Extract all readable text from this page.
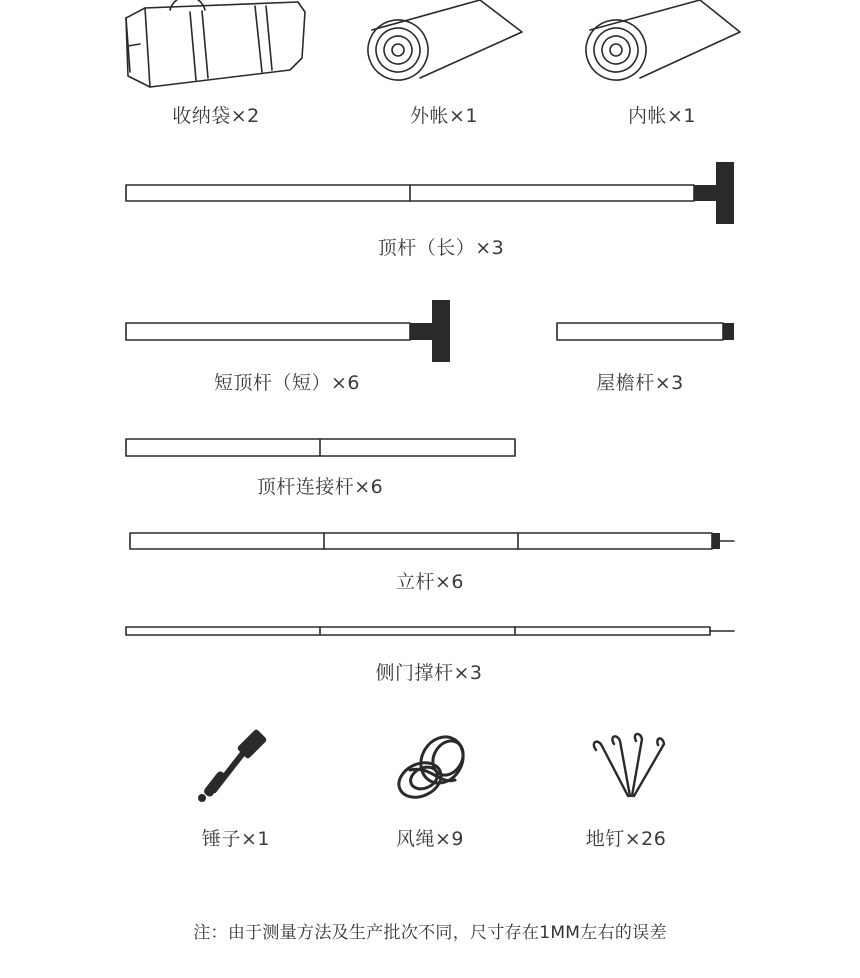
收纳袋×2	外帐×1	内帐×1
顶杆（长）×3
短顶杆（短）×6	屋檐杆×3
顶杆连接杆×6
立杆×6
侧门撑杆×3
锤子×1	风绳×9	地钉×26
注：由于测量方法及生产批次不同，尺寸存在1MM左右的误差
